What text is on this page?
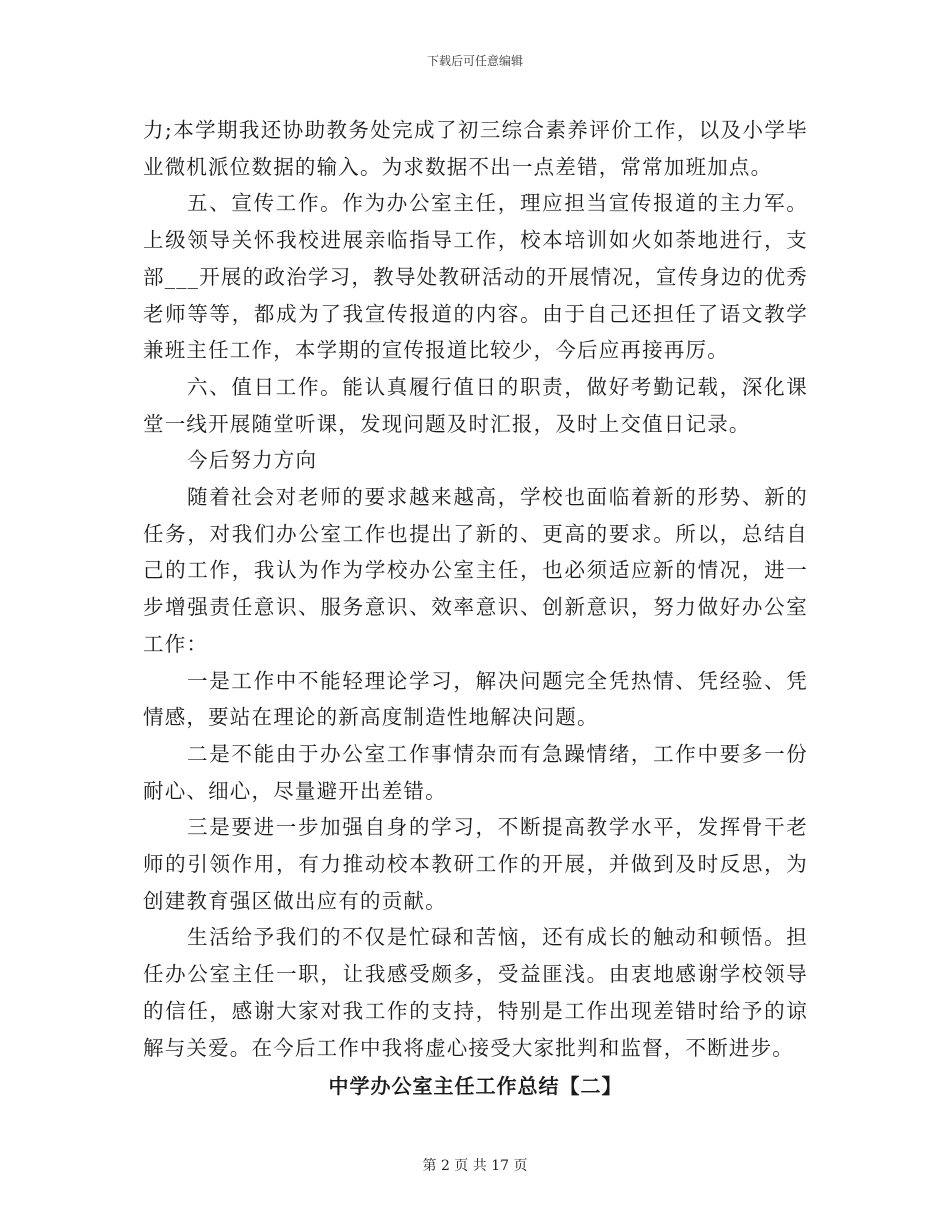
下载后可任意编辑

力;本学期我还协助教务处完成了初三综合素养评价工作，以及小学毕业微机派位数据的输入。为求数据不出一点差错，常常加班加点。

五、宣传工作。作为办公室主任，理应担当宣传报道的主力军。上级领导关怀我校进展亲临指导工作，校本培训如火如荼地进行，支部___开展的政治学习，教导处教研活动的开展情况，宣传身边的优秀老师等等，都成为了我宣传报道的内容。由于自己还担任了语文教学兼班主任工作，本学期的宣传报道比较少，今后应再接再厉。

六、值日工作。能认真履行值日的职责，做好考勤记载，深化课堂一线开展随堂听课，发现问题及时汇报，及时上交值日记录。

今后努力方向

随着社会对老师的要求越来越高，学校也面临着新的形势、新的任务，对我们办公室工作也提出了新的、更高的要求。所以，总结自己的工作，我认为作为学校办公室主任，也必须适应新的情况，进一步增强责任意识、服务意识、效率意识、创新意识，努力做好办公室工作：

一是工作中不能轻理论学习，解决问题完全凭热情、凭经验、凭情感，要站在理论的新高度制造性地解决问题。

二是不能由于办公室工作事情杂而有急躁情绪，工作中要多一份耐心、细心，尽量避开出差错。

三是要进一步加强自身的学习，不断提高教学水平，发挥骨干老师的引领作用，有力推动校本教研工作的开展，并做到及时反思，为创建教育强区做出应有的贡献。

生活给予我们的不仅是忙碌和苦恼，还有成长的触动和顿悟。担任办公室主任一职，让我感受颇多，受益匪浅。由衷地感谢学校领导的信任，感谢大家对我工作的支持，特别是工作出现差错时给予的谅解与关爱。在今后工作中我将虚心接受大家批判和监督，不断进步。

中学办公室主任工作总结【二】
第 2 页 共 17 页
